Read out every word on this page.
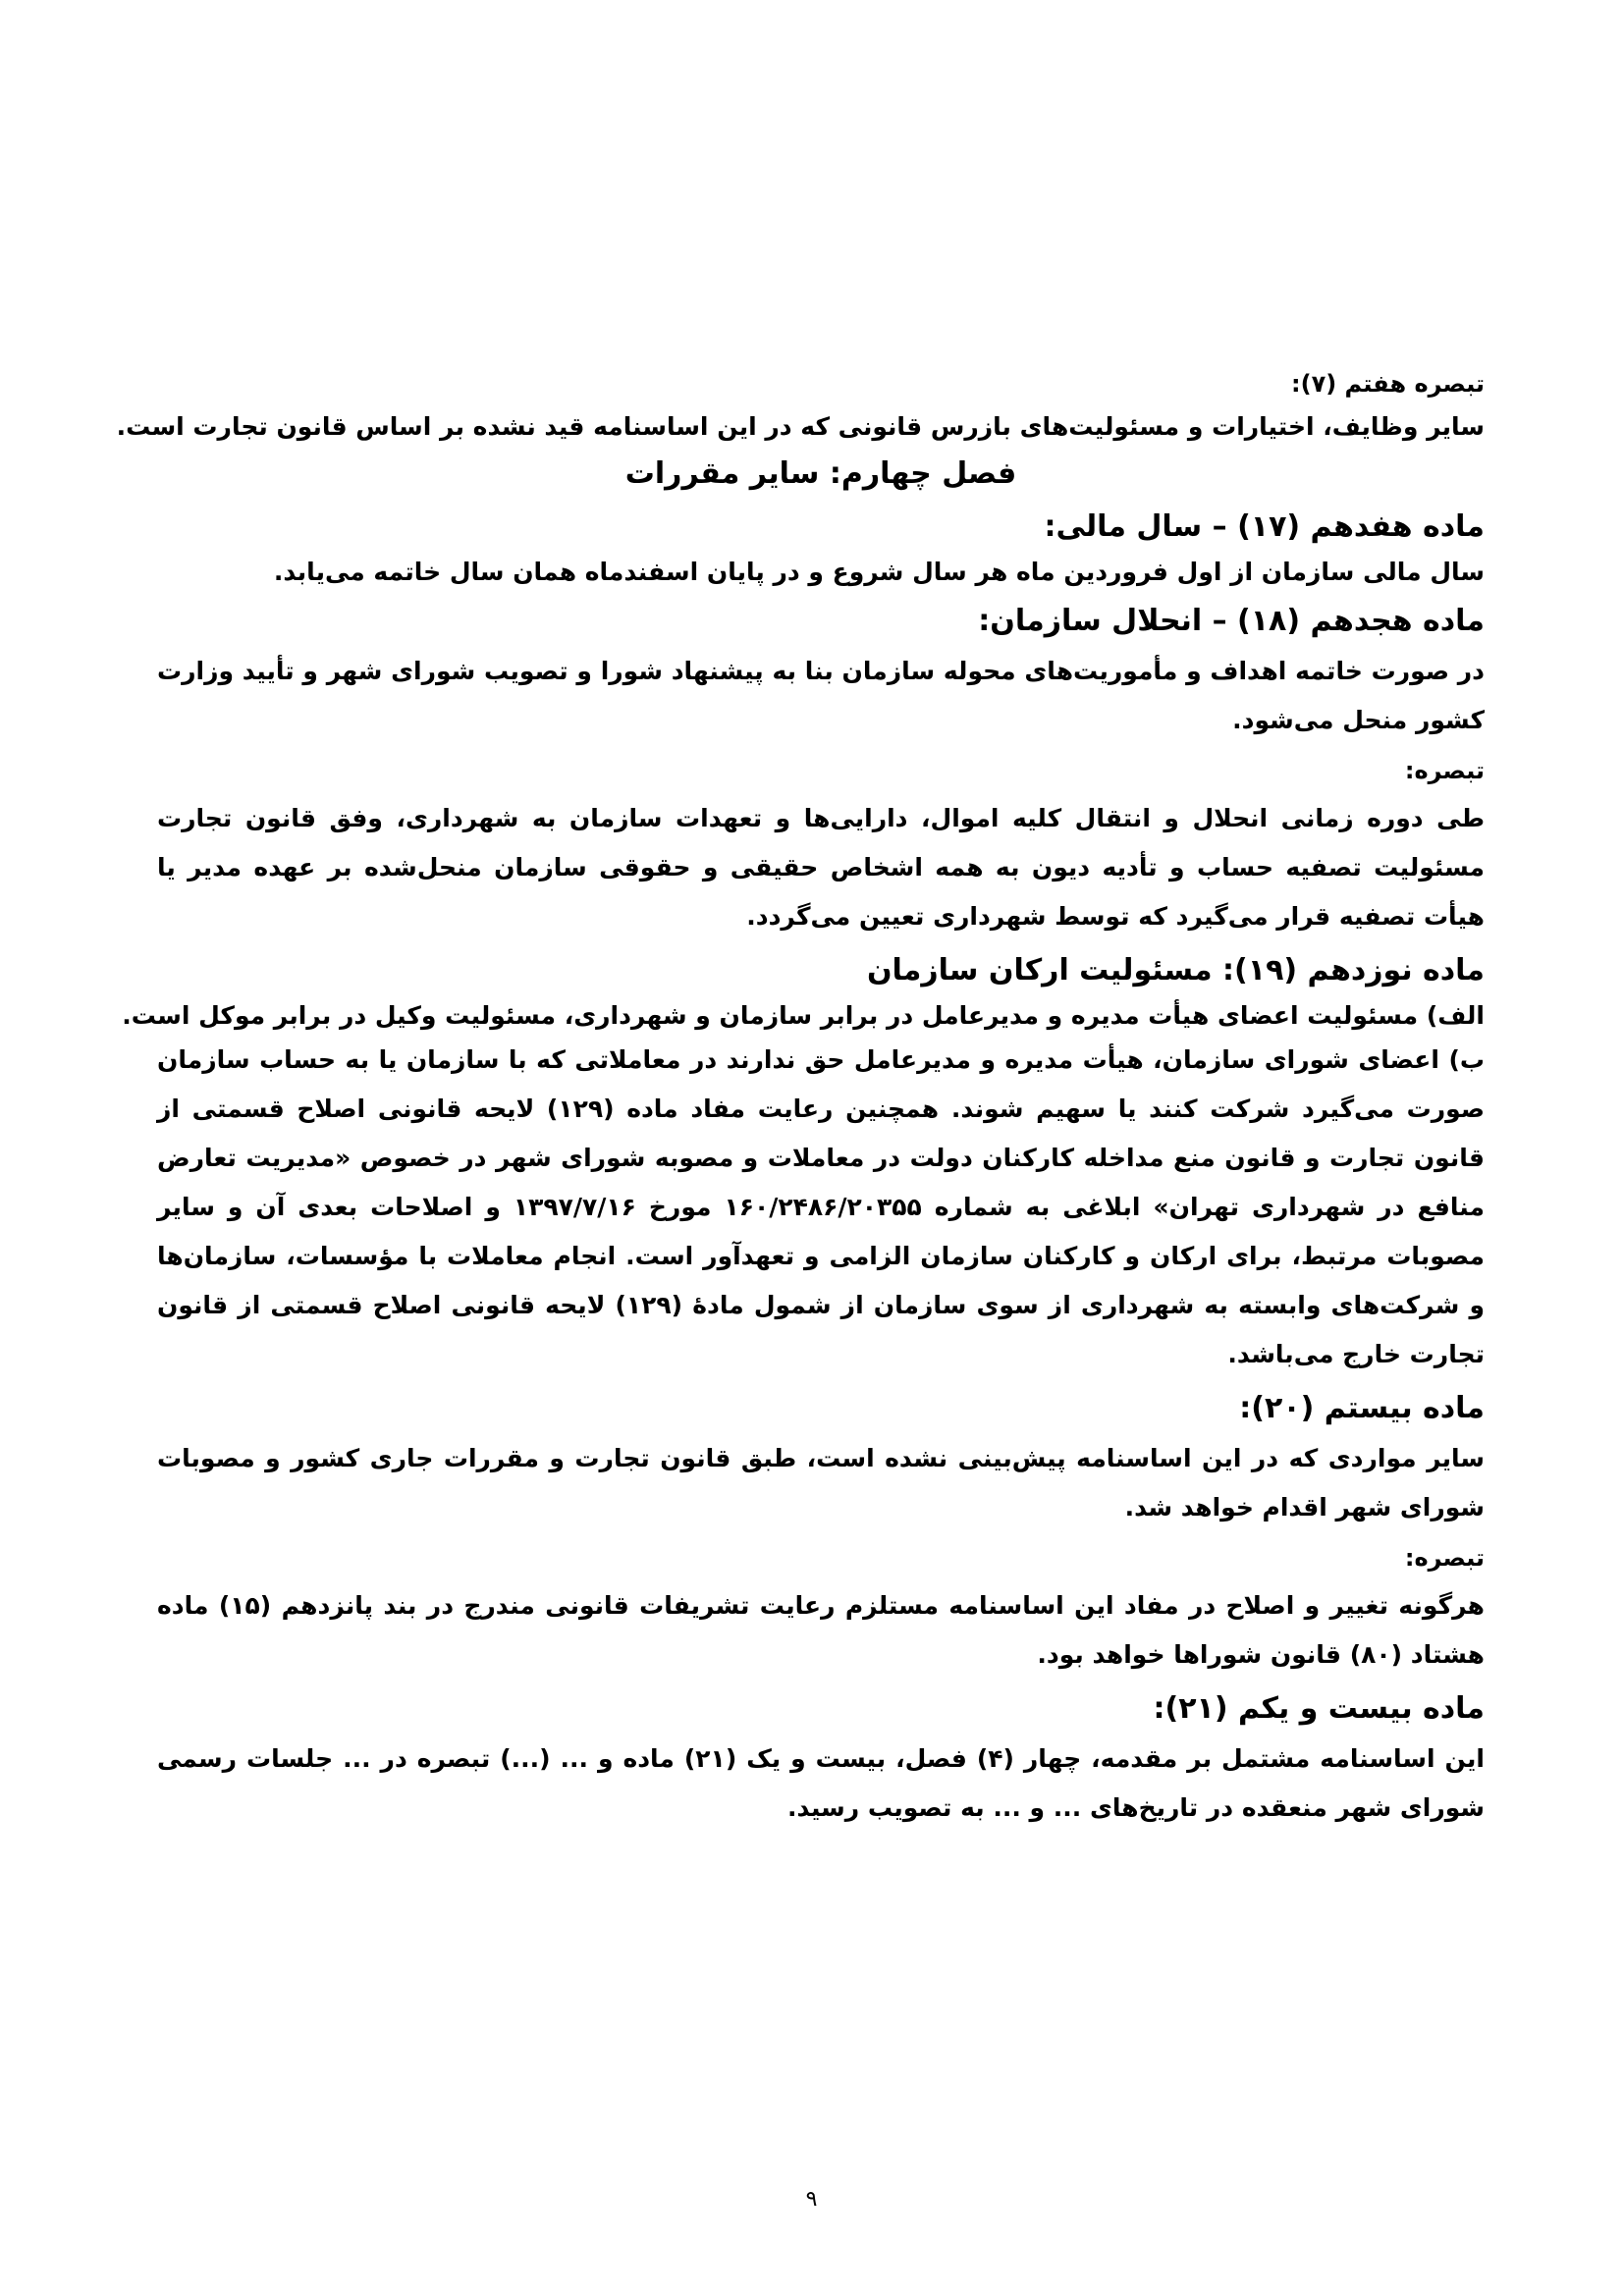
تبصره هفتم (۷):
سایر وظایف، اختیارات و مسئولیت‌های بازرس قانونی که در این اساسنامه قید نشده بر اساس قانون تجارت است.
فصل چهارم: سایر مقررات
ماده هفدهم (۱۷) – سال مالی:
سال مالی سازمان از اول فروردین ماه هر سال شروع و در پایان اسفندماه همان سال خاتمه می‌یابد.
ماده هجدهم (۱۸) – انحلال سازمان:
در صورت خاتمه اهداف و مأموریت‌های محوله سازمان بنا به پیشنهاد شورا و تصویب شورای شهر و تأیید وزارت کشور منحل می‌شود.
تبصره:
طی دوره زمانی انحلال و انتقال کلیه اموال، دارایی‌ها و تعهدات سازمان به شهرداری، وفق قانون تجارت مسئولیت تصفیه حساب و تأدیه دیون به همه اشخاص حقیقی و حقوقی سازمان منحل‌شده بر عهده مدیر یا هیأت تصفیه قرار می‌گیرد که توسط شهرداری تعیین می‌گردد.
ماده نوزدهم (۱۹): مسئولیت ارکان سازمان
الف) مسئولیت اعضای هیأت مدیره و مدیرعامل در برابر سازمان و شهرداری، مسئولیت وکیل در برابر موکل است.
ب) اعضای شورای سازمان، هیأت مدیره و مدیرعامل حق ندارند در معاملاتی که با سازمان یا به حساب سازمان صورت می‌گیرد شرکت کنند یا سهیم شوند. همچنین رعایت مفاد ماده (۱۲۹) لایحه قانونی اصلاح قسمتی از قانون تجارت و قانون منع مداخله کارکنان دولت در معاملات و مصوبه شورای شهر در خصوص «مدیریت تعارض منافع در شهرداری تهران» ابلاغی به شماره ۱۶۰/۲۴۸۶/۲۰۳۵۵ مورخ ۱۳۹۷/۷/۱۶ و اصلاحات بعدی آن و سایر مصوبات مرتبط، برای ارکان و کارکنان سازمان الزامی و تعهدآور است. انجام معاملات با مؤسسات، سازمان‌ها و شرکت‌های وابسته به شهرداری از سوی سازمان از شمول مادهٔ (۱۲۹) لایحه قانونی اصلاح قسمتی از قانون تجارت خارج می‌باشد.
ماده بیستم (۲۰):
سایر مواردی که در این اساسنامه پیش‌بینی نشده است، طبق قانون تجارت و مقررات جاری کشور و مصوبات شورای شهر اقدام خواهد شد.
تبصره:
هرگونه تغییر و اصلاح در مفاد این اساسنامه مستلزم رعایت تشریفات قانونی مندرج در بند پانزدهم (۱۵) ماده هشتاد (۸۰) قانون شوراها خواهد بود.
ماده بیست و یکم (۲۱):
این اساسنامه مشتمل بر مقدمه، چهار (۴) فصل، بیست و یک (۲۱) ماده و ... (...) تبصره در ... جلسات رسمی شورای شهر منعقده در تاریخ‌های ... و ... به تصویب رسید.
۹
